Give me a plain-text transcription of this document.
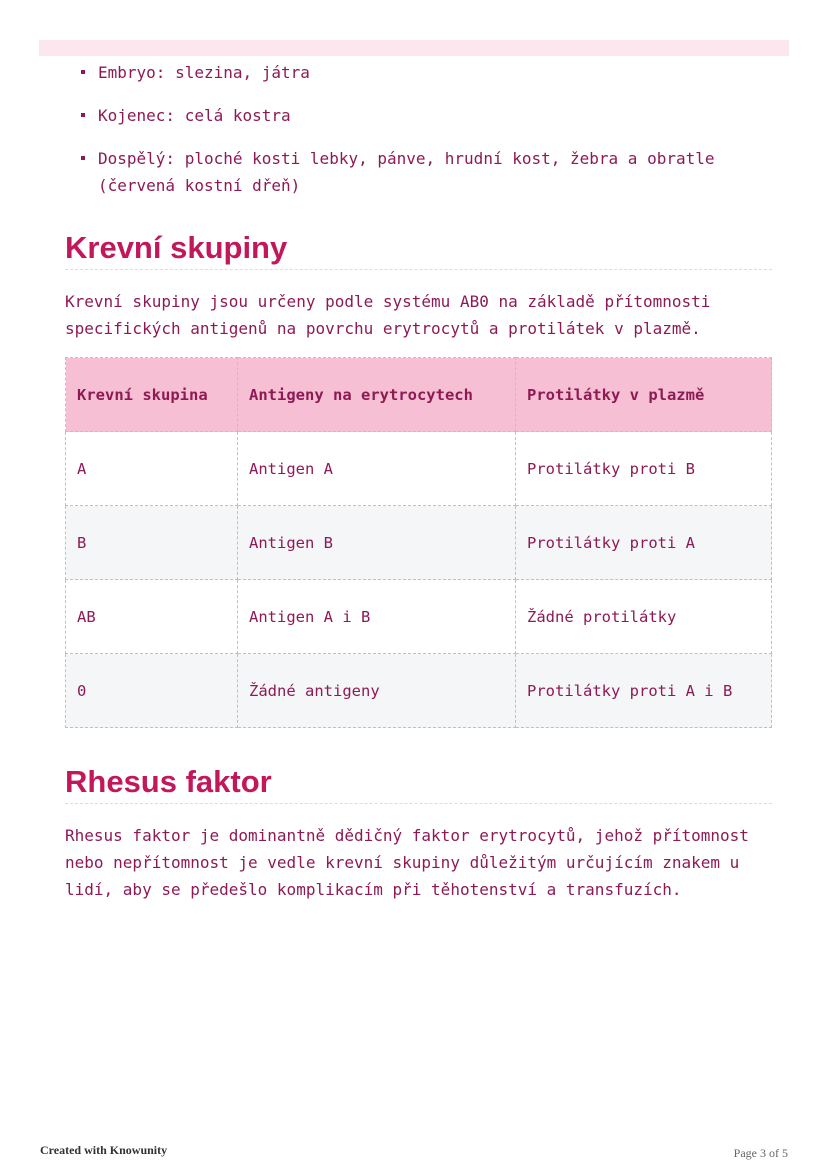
Embryo: slezina, játra
Kojenec: celá kostra
Dospělý: ploché kosti lebky, pánve, hrudní kost, žebra a obratle (červená kostní dřeň)
Krevní skupiny

Krevní skupiny jsou určeny podle systému AB0 na základě přítomnosti specifických antigenů na povrchu erytrocytů a protilátek v plazmě.

Krevní skupina	Antigeny na erytrocytech	Protilátky v plazmě
A	Antigen A	Protilátky proti B
B	Antigen B	Protilátky proti A
AB	Antigen A i B	Žádné protilátky
0	Žádné antigeny	Protilátky proti A i B
Rhesus faktor

Rhesus faktor je dominantně dědičný faktor erytrocytů, jehož přítomnost nebo nepřítomnost je vedle krevní skupiny důležitým určujícím znakem u lidí, aby se předešlo komplikacím při těhotenství a transfuzích.

Created with Knowunity	Page 3 of 5
